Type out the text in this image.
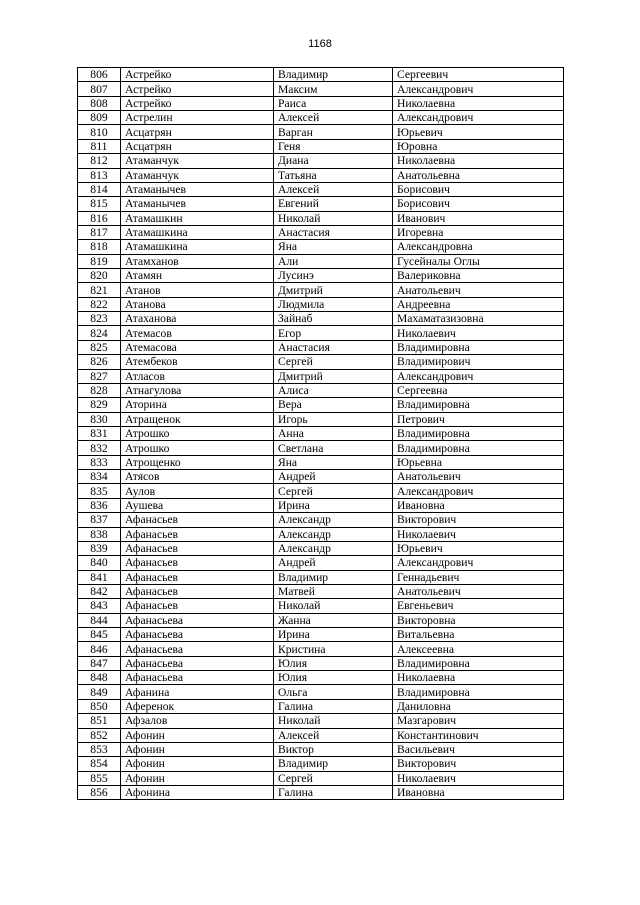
1168
806	Астрейко	Владимир	Сергеевич
807	Астрейко	Максим	Александрович
808	Астрейко	Раиса	Николаевна
809	Астрелин	Алексей	Александрович
810	Асцатрян	Варган	Юрьевич
811	Асцатрян	Геня	Юровна
812	Атаманчук	Диана	Николаевна
813	Атаманчук	Татьяна	Анатольевна
814	Атаманычев	Алексей	Борисович
815	Атаманычев	Евгений	Борисович
816	Атамашкин	Николай	Иванович
817	Атамашкина	Анастасия	Игоревна
818	Атамашкина	Яна	Александровна
819	Атамханов	Али	Гусейналы Оглы
820	Атамян	Лусинэ	Валериковна
821	Атанов	Дмитрий	Анатольевич
822	Атанова	Людмила	Андреевна
823	Атаханова	Зайнаб	Махаматазизовна
824	Атемасов	Егор	Николаевич
825	Атемасова	Анастасия	Владимировна
826	Атембеков	Сергей	Владимирович
827	Атласов	Дмитрий	Александрович
828	Атнагулова	Алиса	Сергеевна
829	Аторина	Вера	Владимировна
830	Атращенок	Игорь	Петрович
831	Атрошко	Анна	Владимировна
832	Атрошко	Светлана	Владимировна
833	Атрощенко	Яна	Юрьевна
834	Атясов	Андрей	Анатольевич
835	Аулов	Сергей	Александрович
836	Аушева	Ирина	Ивановна
837	Афанасьев	Александр	Викторович
838	Афанасьев	Александр	Николаевич
839	Афанасьев	Александр	Юрьевич
840	Афанасьев	Андрей	Александрович
841	Афанасьев	Владимир	Геннадьевич
842	Афанасьев	Матвей	Анатольевич
843	Афанасьев	Николай	Евгеньевич
844	Афанасьева	Жанна	Викторовна
845	Афанасьева	Ирина	Витальевна
846	Афанасьева	Кристина	Алексеевна
847	Афанасьева	Юлия	Владимировна
848	Афанасьева	Юлия	Николаевна
849	Афанина	Ольга	Владимировна
850	Аференок	Галина	Даниловна
851	Афзалов	Николай	Мазгарович
852	Афонин	Алексей	Константинович
853	Афонин	Виктор	Васильевич
854	Афонин	Владимир	Викторович
855	Афонин	Сергей	Николаевич
856	Афонина	Галина	Ивановна
